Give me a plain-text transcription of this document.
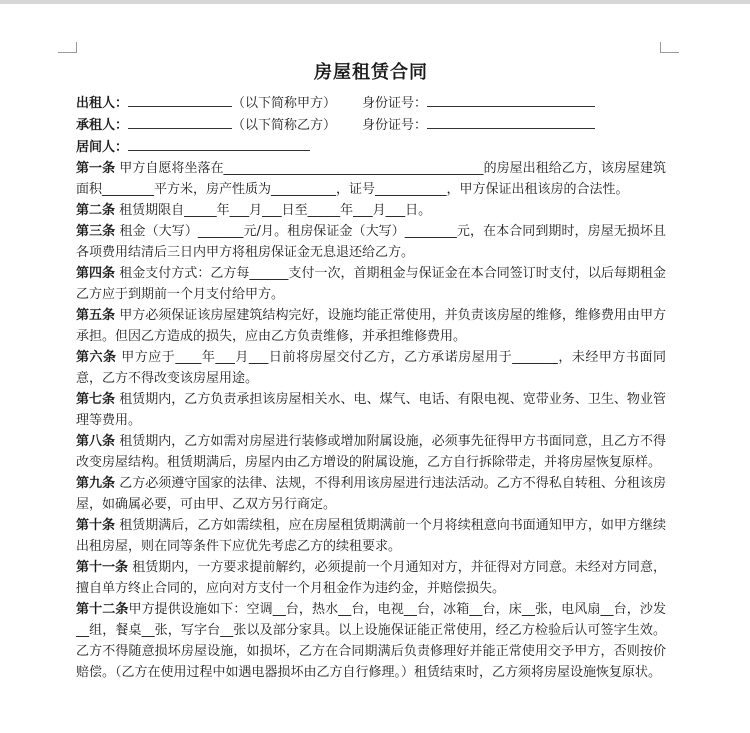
房屋租赁合同
出租人：	（以下简称甲方） 身份证号：
承租人：	（以下简称乙方） 身份证号：
居间人：
第一条 甲方自愿将坐落在________________________________________的房屋出租给乙方，该房屋建筑面积________平方米，房产性质为__________，证号___________，甲方保证出租该房的合法性。
第二条 租赁期限自_____年___月___日至_____年___月___日。
第三条 租金（大写）_______元/月。租房保证金（大写）________元，在本合同到期时，房屋无损坏且各项费用结清后三日内甲方将租房保证金无息退还给乙方。
第四条 租金支付方式：乙方每______支付一次，首期租金与保证金在本合同签订时支付，以后每期租金乙方应于到期前一个月支付给甲方。
第五条 甲方必须保证该房屋建筑结构完好，设施均能正常使用，并负责该房屋的维修，维修费用由甲方承担。但因乙方造成的损失，应由乙方负责维修，并承担维修费用。
第六条 甲方应于____年___月___日前将房屋交付乙方，乙方承诺房屋用于_______，未经甲方书面同意，乙方不得改变该房屋用途。
第七条 租赁期内，乙方负责承担该房屋相关水、电、煤气、电话、有限电视、宽带业务、卫生、物业管理等费用。
第八条 租赁期内，乙方如需对房屋进行装修或增加附属设施，必须事先征得甲方书面同意，且乙方不得改变房屋结构。租赁期满后，房屋内由乙方增设的附属设施，乙方自行拆除带走，并将房屋恢复原样。
第九条 乙方必须遵守国家的法律、法规，不得利用该房屋进行违法活动。乙方不得私自转租、分租该房屋，如确属必要，可由甲、乙双方另行商定。
第十条 租赁期满后，乙方如需续租，应在房屋租赁期满前一个月将续租意向书面通知甲方，如甲方继续出租房屋，则在同等条件下应优先考虑乙方的续租要求。
第十一条 租赁期内，一方要求提前解约，必须提前一个月通知对方，并征得对方同意。未经对方同意，擅自单方终止合同的，应向对方支付一个月租金作为违约金，并赔偿损失。
第十二条甲方提供设施如下：空调__台，热水__台，电视__台，冰箱__台，床__张，电风扇__台，沙发__组，餐桌__张，写字台__张以及部分家具。以上设施保证能正常使用，经乙方检验后认可签字生效。乙方不得随意损坏房屋设施，如损坏，乙方在合同期满后负责修理好并能正常使用交予甲方，否则按价赔偿。（乙方在使用过程中如遇电器损坏由乙方自行修理。）租赁结束时，乙方须将房屋设施恢复原状。
